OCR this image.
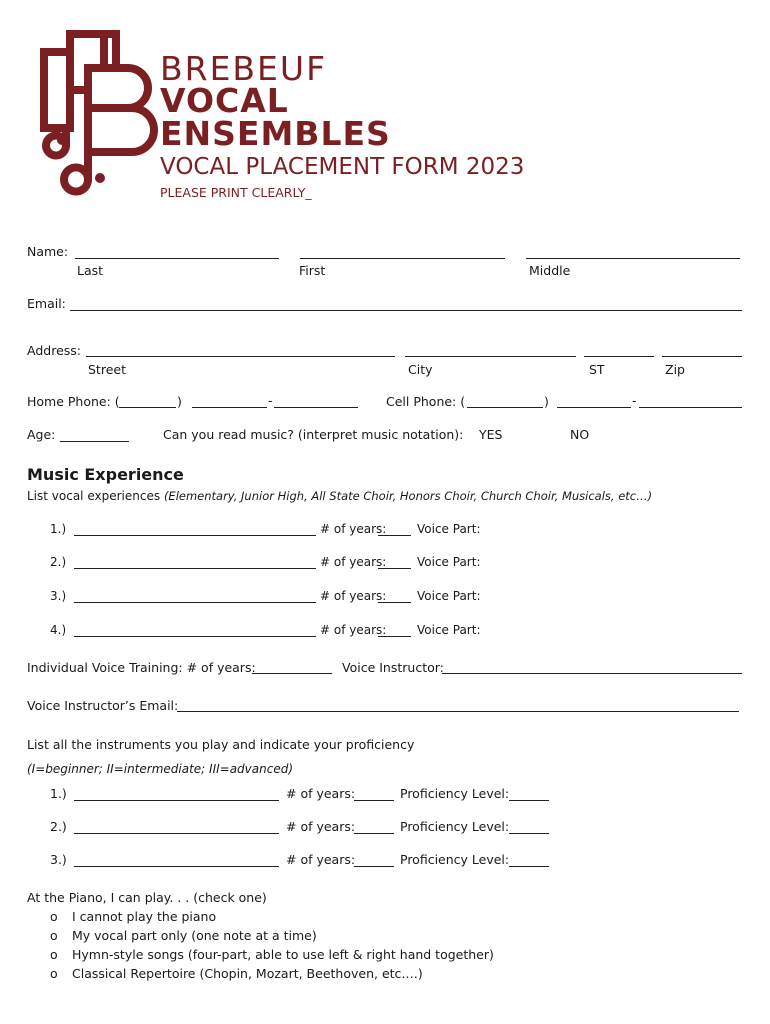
BREBEUF
VOCAL
ENSEMBLES
VOCAL PLACEMENT FORM 2023
PLEASE PRINT CLEARLY_
Name:
Last	First	Middle
Email:
Address:
Street	City	ST	Zip
Home Phone: (	)	-	Cell Phone: (	)	-
Age:	Can you read music? (interpret music notation): YES	NO
Music Experience
List vocal experiences (Elementary, Junior High, All State Choir, Honors Choir, Church Choir, Musicals, etc…)
1.)	# of years:	Voice Part:
2.)	# of years:	Voice Part:
3.)	# of years:	Voice Part:
4.)	# of years:	Voice Part:
Individual Voice Training: # of years:	Voice Instructor:
Voice Instructor’s Email:
List all the instruments you play and indicate your proficiency
(I=beginner; II=intermediate; III=advanced)
1.)	# of years:	Proficiency Level:
2.)	# of years:	Proficiency Level:
3.)	# of years:	Proficiency Level:
At the Piano, I can play. . . (check one)
o I cannot play the piano
o My vocal part only (one note at a time)
o Hymn-style songs (four-part, able to use left & right hand together)
o Classical Repertoire (Chopin, Mozart, Beethoven, etc.…)
